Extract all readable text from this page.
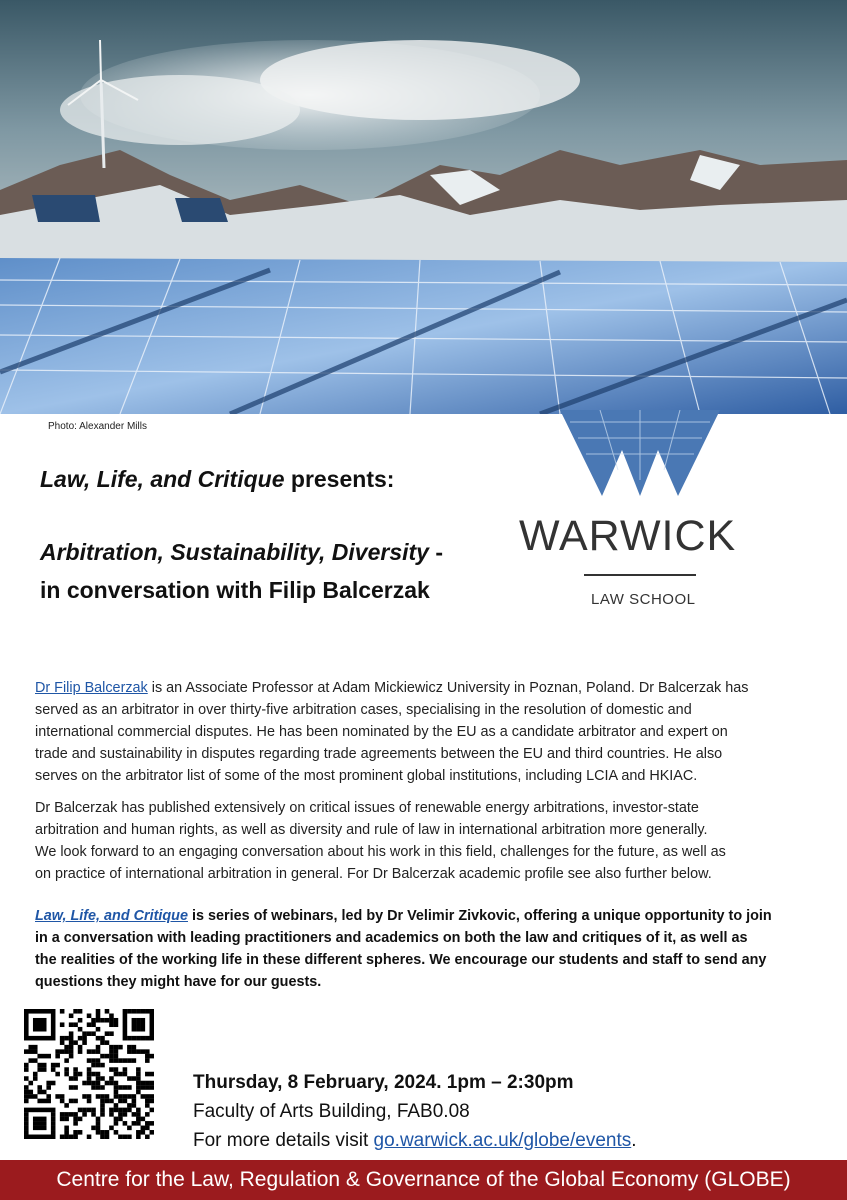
Photo: Alexander Mills
Law, Life, and Critique presents:
Arbitration, Sustainability, Diversity -
in conversation with Filip Balcerzak
WARWICK
LAW SCHOOL
Dr Filip Balcerzak is an Associate Professor at Adam Mickiewicz University in Poznan, Poland. Dr Balcerzak has
served as an arbitrator in over thirty-five arbitration cases, specialising in the resolution of domestic and
international commercial disputes. He has been nominated by the EU as a candidate arbitrator and expert on
trade and sustainability in disputes regarding trade agreements between the EU and third countries. He also
serves on the arbitrator list of some of the most prominent global institutions, including LCIA and HKIAC.
Dr Balcerzak has published extensively on critical issues of renewable energy arbitrations, investor-state
arbitration and human rights, as well as diversity and rule of law in international arbitration more generally.
We look forward to an engaging conversation about his work in this field, challenges for the future, as well as
on practice of international arbitration in general. For Dr Balcerzak academic profile see also further below.
Law, Life, and Critique is series of webinars, led by Dr Velimir Zivkovic, offering a unique opportunity to join
in a conversation with leading practitioners and academics on both the law and critiques of it, as well as
the realities of the working life in these different spheres. We encourage our students and staff to send any
questions they might have for our guests.
Thursday, 8 February, 2024. 1pm – 2:30pm
Faculty of Arts Building, FAB0.08
For more details visit go.warwick.ac.uk/globe/events.
Centre for the Law, Regulation & Governance of the Global Economy (GLOBE)
